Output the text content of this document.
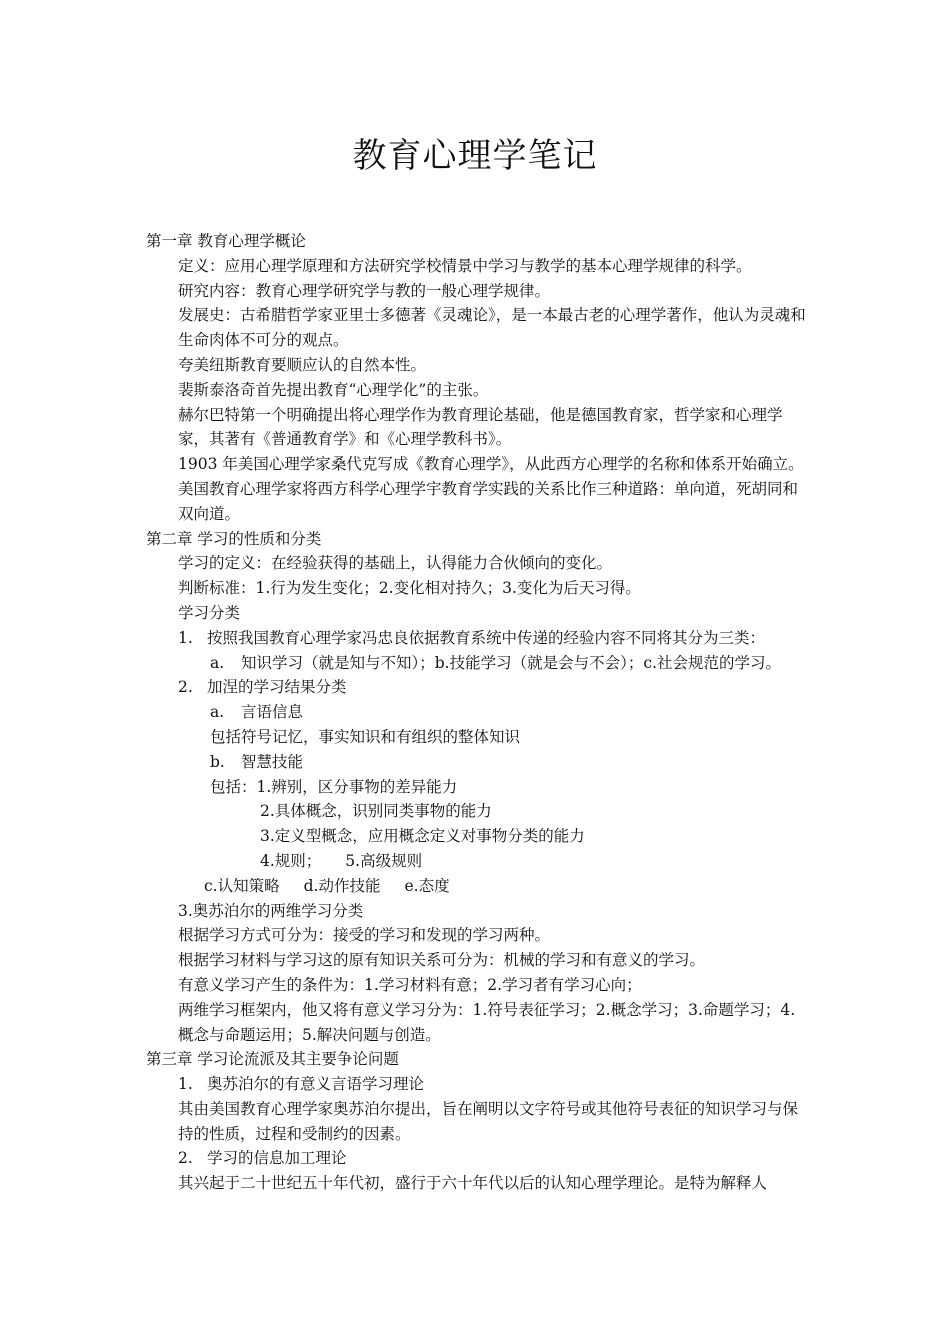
教育心理学笔记
第一章 教育心理学概论
定义：应用心理学原理和方法研究学校情景中学习与教学的基本心理学规律的科学。
研究内容：教育心理学研究学与教的一般心理学规律。
发展史：古希腊哲学家亚里士多德著《灵魂论》，是一本最古老的心理学著作，他认为灵魂和生命肉体不可分的观点。
夸美纽斯教育要顺应认的自然本性。
裴斯泰洛奇首先提出教育“心理学化”的主张。
赫尔巴特第一个明确提出将心理学作为教育理论基础，他是德国教育家，哲学家和心理学家，其著有《普通教育学》和《心理学教科书》。
1903 年美国心理学家桑代克写成《教育心理学》，从此西方心理学的名称和体系开始确立。
美国教育心理学家将西方科学心理学宇教育学实践的关系比作三种道路：单向道，死胡同和双向道。
第二章 学习的性质和分类
学习的定义：在经验获得的基础上，认得能力合伙倾向的变化。
判断标准：1.行为发生变化；2.变化相对持久；3.变化为后天习得。
学习分类
1. 按照我国教育心理学家冯忠良依据教育系统中传递的经验内容不同将其分为三类：
a. 知识学习（就是知与不知）；b.技能学习（就是会与不会）；c.社会规范的学习。
2. 加涅的学习结果分类
a. 言语信息
包括符号记忆，事实知识和有组织的整体知识
b. 智慧技能
包括：1.辨别，区分事物的差异能力
2.具体概念，识别同类事物的能力
3.定义型概念，应用概念定义对事物分类的能力
4.规则； 5.高级规则
c.认知策略 d.动作技能 e.态度
3.奥苏泊尔的两维学习分类
根据学习方式可分为：接受的学习和发现的学习两种。
根据学习材料与学习这的原有知识关系可分为：机械的学习和有意义的学习。
有意义学习产生的条件为：1.学习材料有意；2.学习者有学习心向；
两维学习框架内，他又将有意义学习分为：1.符号表征学习；2.概念学习；3.命题学习；4.概念与命题运用；5.解决问题与创造。
第三章 学习论流派及其主要争论问题
1. 奥苏泊尔的有意义言语学习理论
其由美国教育心理学家奥苏泊尔提出，旨在阐明以文字符号或其他符号表征的知识学习与保持的性质，过程和受制约的因素。
2. 学习的信息加工理论
其兴起于二十世纪五十年代初，盛行于六十年代以后的认知心理学理论。是特为解释人
